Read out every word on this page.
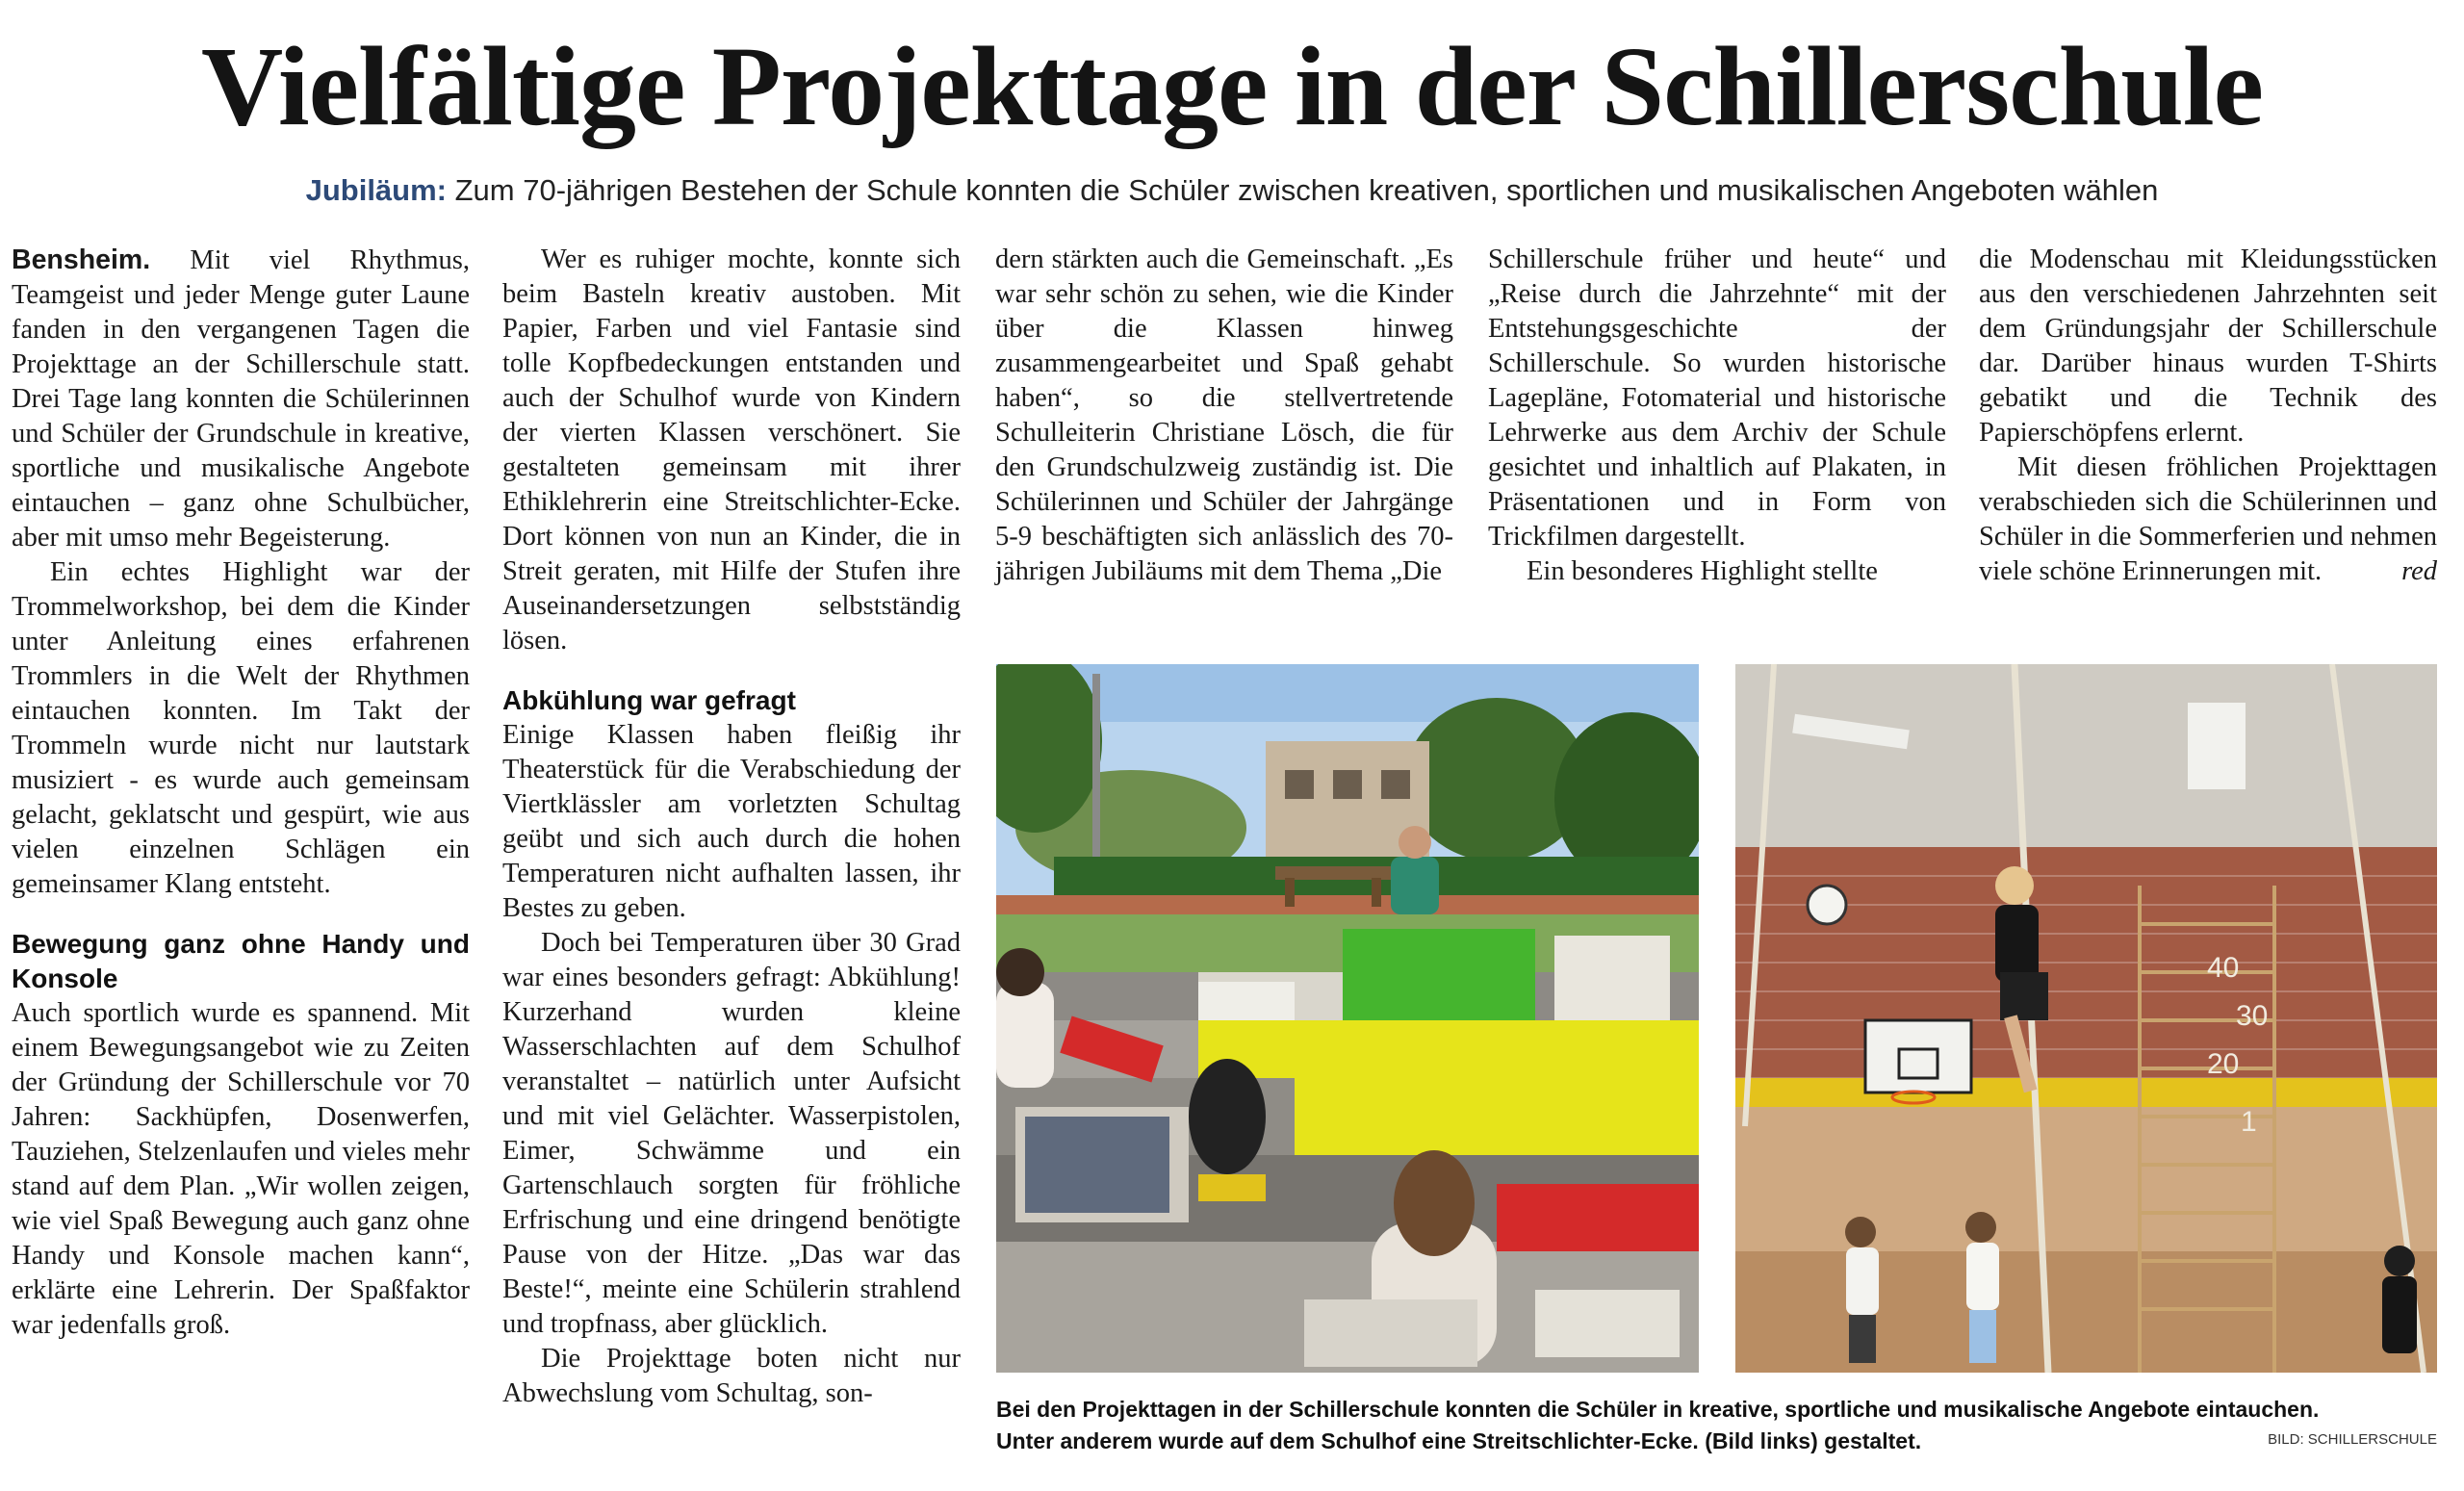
Vielfältige Projekttage in der Schillerschule
Jubiläum: Zum 70-jährigen Bestehen der Schule konnten die Schüler zwischen kreativen, sportlichen und musikalischen Angeboten wählen

Bensheim. Mit viel Rhythmus, Teamgeist und jeder Menge guter Laune fanden in den vergangenen Tagen die Projekttage an der Schillerschule statt. Drei Tage lang konnten die Schülerinnen und Schüler der Grundschule in kreative, sportliche und musikalische Angebote eintauchen – ganz ohne Schulbücher, aber mit umso mehr Begeisterung.

Ein echtes Highlight war der Trommelworkshop, bei dem die Kinder unter Anleitung eines erfahrenen Trommlers in die Welt der Rhythmen eintauchen konnten. Im Takt der Trommeln wurde nicht nur lautstark musiziert - es wurde auch gemeinsam gelacht, geklatscht und gespürt, wie aus vielen einzelnen Schlägen ein gemeinsamer Klang entsteht.

Bewegung ganz ohne Handy und Konsole

Auch sportlich wurde es spannend. Mit einem Bewegungsangebot wie zu Zeiten der Gründung der Schillerschule vor 70 Jahren: Sackhüpfen, Dosenwerfen, Tauziehen, Stelzenlaufen und vieles mehr stand auf dem Plan. „Wir wollen zeigen, wie viel Spaß Bewegung auch ganz ohne Handy und Konsole machen kann“, erklärte eine Lehrerin. Der Spaßfaktor war jedenfalls groß.

Wer es ruhiger mochte, konnte sich beim Basteln kreativ austoben. Mit Papier, Farben und viel Fantasie sind tolle Kopfbedeckungen entstanden und auch der Schulhof wurde von Kindern der vierten Klassen verschönert. Sie gestalteten gemeinsam mit ihrer Ethiklehrerin eine Streitschlichter-Ecke. Dort können von nun an Kinder, die in Streit geraten, mit Hilfe der Stufen ihre Auseinandersetzungen selbstständig lösen.

Abkühlung war gefragt

Einige Klassen haben fleißig ihr Theaterstück für die Verabschiedung der Viertklässler am vorletzten Schultag geübt und sich auch durch die hohen Temperaturen nicht aufhalten lassen, ihr Bestes zu geben.

Doch bei Temperaturen über 30 Grad war eines besonders gefragt: Abkühlung! Kurzerhand wurden kleine Wasserschlachten auf dem Schulhof veranstaltet – natürlich unter Aufsicht und mit viel Gelächter. Wasserpistolen, Eimer, Schwämme und ein Gartenschlauch sorgten für fröhliche Erfrischung und eine dringend benötigte Pause von der Hitze. „Das war das Beste!“, meinte eine Schülerin strahlend und tropfnass, aber glücklich.

Die Projekttage boten nicht nur Abwechslung vom Schultag, son-

dern stärkten auch die Gemeinschaft. „Es war sehr schön zu sehen, wie die Kinder über die Klassen hinweg zusammengearbeitet und Spaß gehabt haben“, so die stellvertretende Schulleiterin Christiane Lösch, die für den Grundschulzweig zuständig ist. Die Schülerinnen und Schüler der Jahrgänge 5-9 beschäftigten sich anlässlich des 70-jährigen Jubiläums mit dem Thema „Die

Schillerschule früher und heute“ und „Reise durch die Jahrzehnte“ mit der Entstehungsgeschichte der Schillerschule. So wurden historische Lagepläne, Fotomaterial und historische Lehrwerke aus dem Archiv der Schule gesichtet und inhaltlich auf Plakaten, in Präsentationen und in Form von Trickfilmen dargestellt.

Ein besonderes Highlight stellte

die Modenschau mit Kleidungsstücken aus den verschiedenen Jahrzehnten seit dem Gründungsjahr der Schillerschule dar. Darüber hinaus wurden T-Shirts gebatikt und die Technik des Papierschöpfens erlernt.

Mit diesen fröhlichen Projekttagen verabschieden sich die Schülerinnen und Schüler in die Sommerferien und nehmen viele schöne Erinnerungen mit.	red

40
30
20
1
Bei den Projekttagen in der Schillerschule konnten die Schüler in kreative, sportliche und musikalische Angebote eintauchen.
Unter anderem wurde auf dem Schulhof eine Streitschlichter-Ecke. (Bild links) gestaltet.	BILD: SCHILLERSCHULE
